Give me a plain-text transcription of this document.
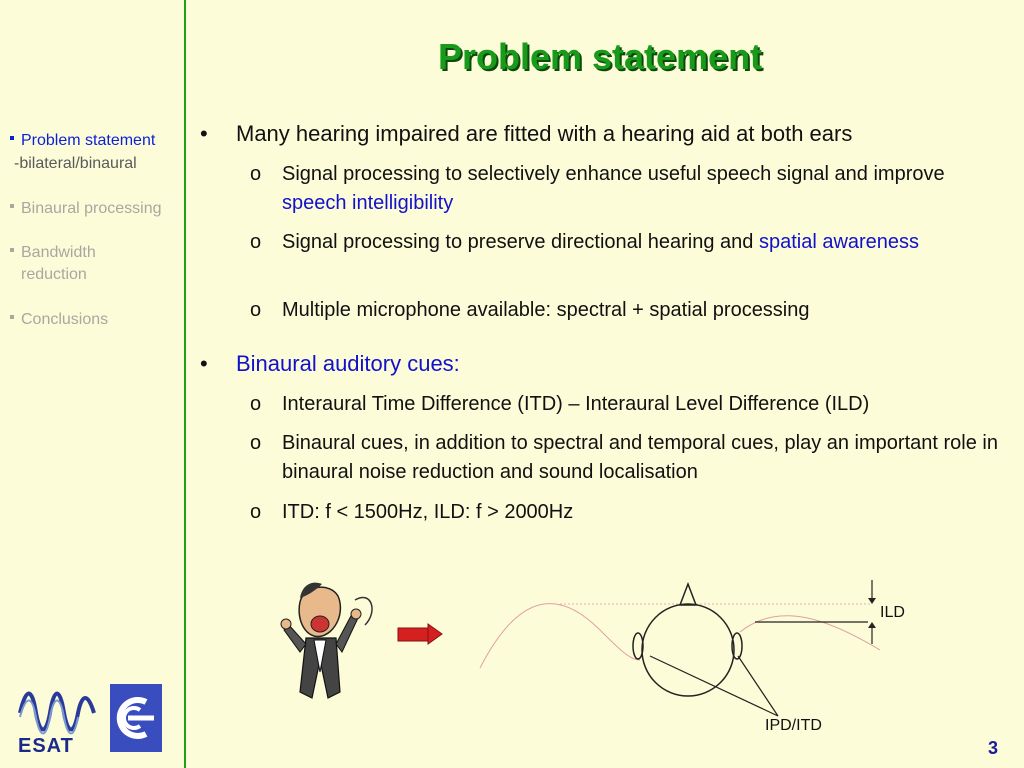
Problem statement
Problem statement
-bilateral/binaural
Binaural processing
Bandwidth reduction
Conclusions
• Many hearing impaired are fitted with a hearing aid at both ears
o Signal processing to selectively enhance useful speech signal and improve speech intelligibility
o Signal processing to preserve directional hearing and spatial awareness
o Multiple microphone available: spectral + spatial processing
• Binaural auditory cues:
o Interaural Time Difference (ITD) – Interaural Level Difference (ILD)
o Binaural cues, in addition to spectral and temporal cues, play an important role in binaural noise reduction and sound localisation
o ITD: f < 1500Hz, ILD: f > 2000Hz
ILD
IPD/ITD
ESAT	3
